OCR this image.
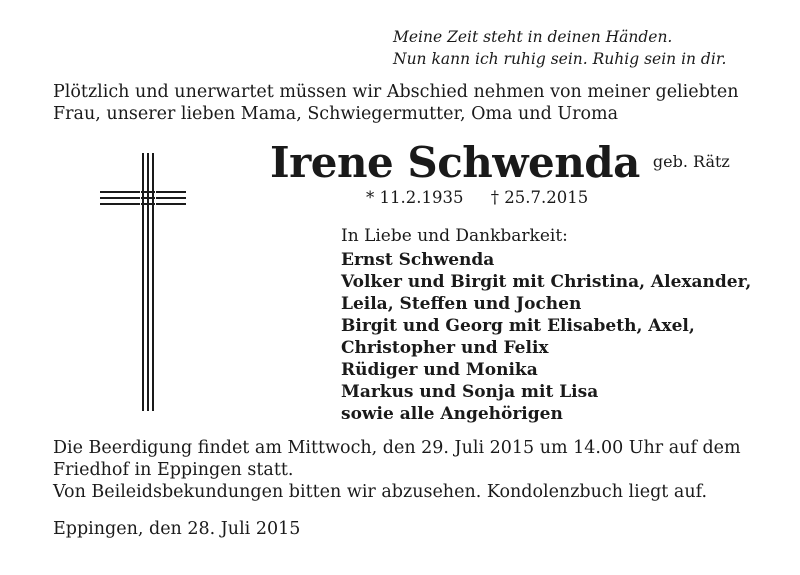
Meine Zeit steht in deinen Händen.
Nun kann ich ruhig sein. Ruhig sein in dir.
Plötzlich und unerwartet müssen wir Abschied nehmen von meiner geliebten
Frau, unserer lieben Mama, Schwiegermutter, Oma und Uroma
Irene Schwenda geb. Rätz
* 11.2.1935 † 25.7.2015
In Liebe und Dankbarkeit:
Ernst Schwenda
Volker und Birgit mit Christina, Alexander,
Leila, Steffen und Jochen
Birgit und Georg mit Elisabeth, Axel,
Christopher und Felix
Rüdiger und Monika
Markus und Sonja mit Lisa
sowie alle Angehörigen
Die Beerdigung findet am Mittwoch, den 29. Juli 2015 um 14.00 Uhr auf dem
Friedhof in Eppingen statt.
Von Beileidsbekundungen bitten wir abzusehen. Kondolenzbuch liegt auf.
Eppingen, den 28. Juli 2015
